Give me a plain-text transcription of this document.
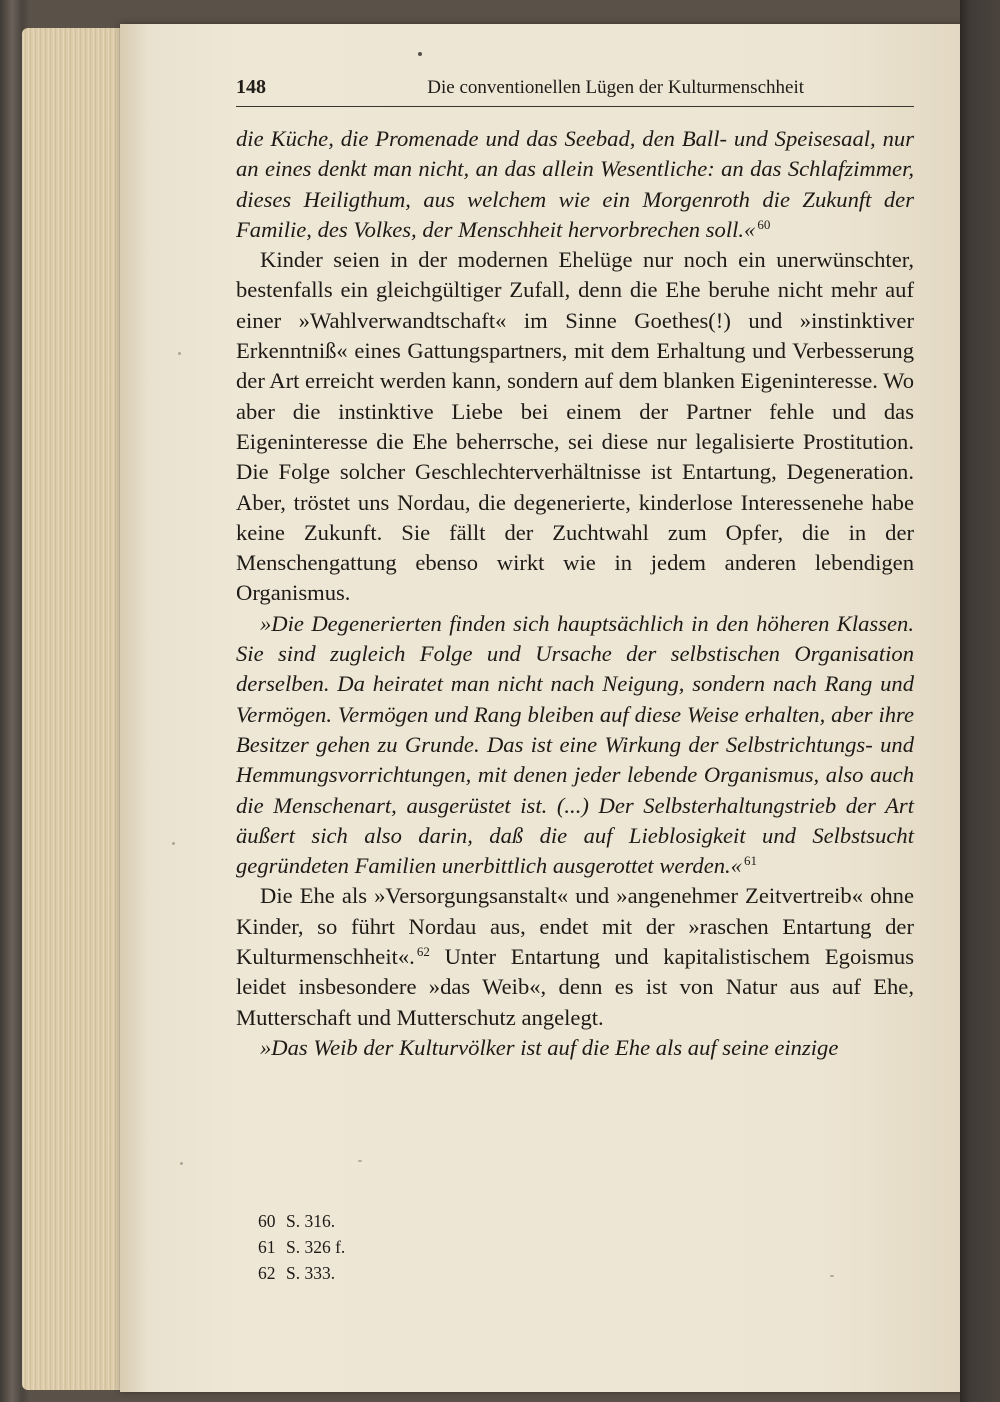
148	Die conventionellen Lügen der Kulturmenschheit

die Küche, die Promenade und das Seebad, den Ball- und Speisesaal, nur an eines denkt man nicht, an das allein Wesentliche: an das Schlafzimmer, dieses Heiligthum, aus welchem wie ein Morgenroth die Zukunft der Familie, des Volkes, der Menschheit hervorbrechen soll.« $^{60}$

Kinder seien in der modernen Ehelüge nur noch ein unerwünschter, bestenfalls ein gleichgültiger Zufall, denn die Ehe beruhe nicht mehr auf einer »Wahlverwandtschaft« im Sinne Goethes(!) und »instinktiver Erkenntniß« eines Gattungspartners, mit dem Erhaltung und Verbesserung der Art erreicht werden kann, sondern auf dem blanken Eigeninteresse. Wo aber die instinktive Liebe bei einem der Partner fehle und das Eigeninteresse die Ehe beherrsche, sei diese nur legalisierte Prostitution. Die Folge solcher Geschlechterverhältnisse ist Entartung, Degeneration. Aber, tröstet uns Nordau, die degenerierte, kinderlose Interessenehe habe keine Zukunft. Sie fällt der Zuchtwahl zum Opfer, die in der Menschengattung ebenso wirkt wie in jedem anderen lebendigen Organismus.

»Die Degenerierten finden sich hauptsächlich in den höheren Klassen. Sie sind zugleich Folge und Ursache der selbstischen Organisation derselben. Da heiratet man nicht nach Neigung, sondern nach Rang und Vermögen. Vermögen und Rang bleiben auf diese Weise erhalten, aber ihre Besitzer gehen zu Grunde. Das ist eine Wirkung der Selbstrichtungs- und Hemmungsvorrichtungen, mit denen jeder lebende Organismus, also auch die Menschenart, ausgerüstet ist. (...) Der Selbsterhaltungstrieb der Art äußert sich also darin, daß die auf Lieblosigkeit und Selbstsucht gegründeten Familien unerbittlich ausgerottet werden.« $^{61}$

Die Ehe als »Versorgungsanstalt« und »angenehmer Zeitvertreib« ohne Kinder, so führt Nordau aus, endet mit der »raschen Entartung der Kulturmenschheit«. $^{62}$ Unter Entartung und kapitalistischem Egoismus leidet insbesondere »das Weib«, denn es ist von Natur aus auf Ehe, Mutterschaft und Mutterschutz angelegt.

»Das Weib der Kulturvölker ist auf die Ehe als auf seine einzige

60 S. 316.
61 S. 326 f.
62 S. 333.
